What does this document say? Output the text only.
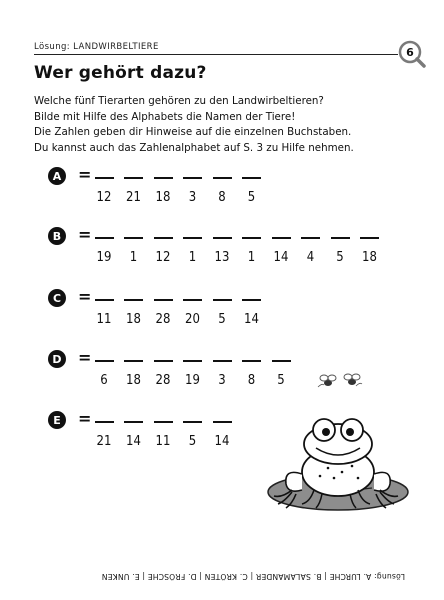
Lösung: LANDWIRBELTIERE	6
Wer gehört dazu?
Welche fünf Tierarten gehören zu den Landwirbeltieren?
Bilde mit Hilfe des Alphabets die Namen der Tiere!
Die Zahlen geben dir Hinweise auf die einzelnen Buchstaben.
Du kannst auch das Zahlenalphabet auf S. 3 zu Hilfe nehmen.
A =
12	21	18	3	8	5
B	=
19	1	12	1	13	1	14	4	5	18
C	=
11	18	28	20	5	14
D =
6	18	28	19	3	8	5
E	=
21	14	11	5	14
Lösung: A. LURCHE | B. SALAMANDER | C. KRÖTEN | D. FRÖSCHE | E. UNKEN
